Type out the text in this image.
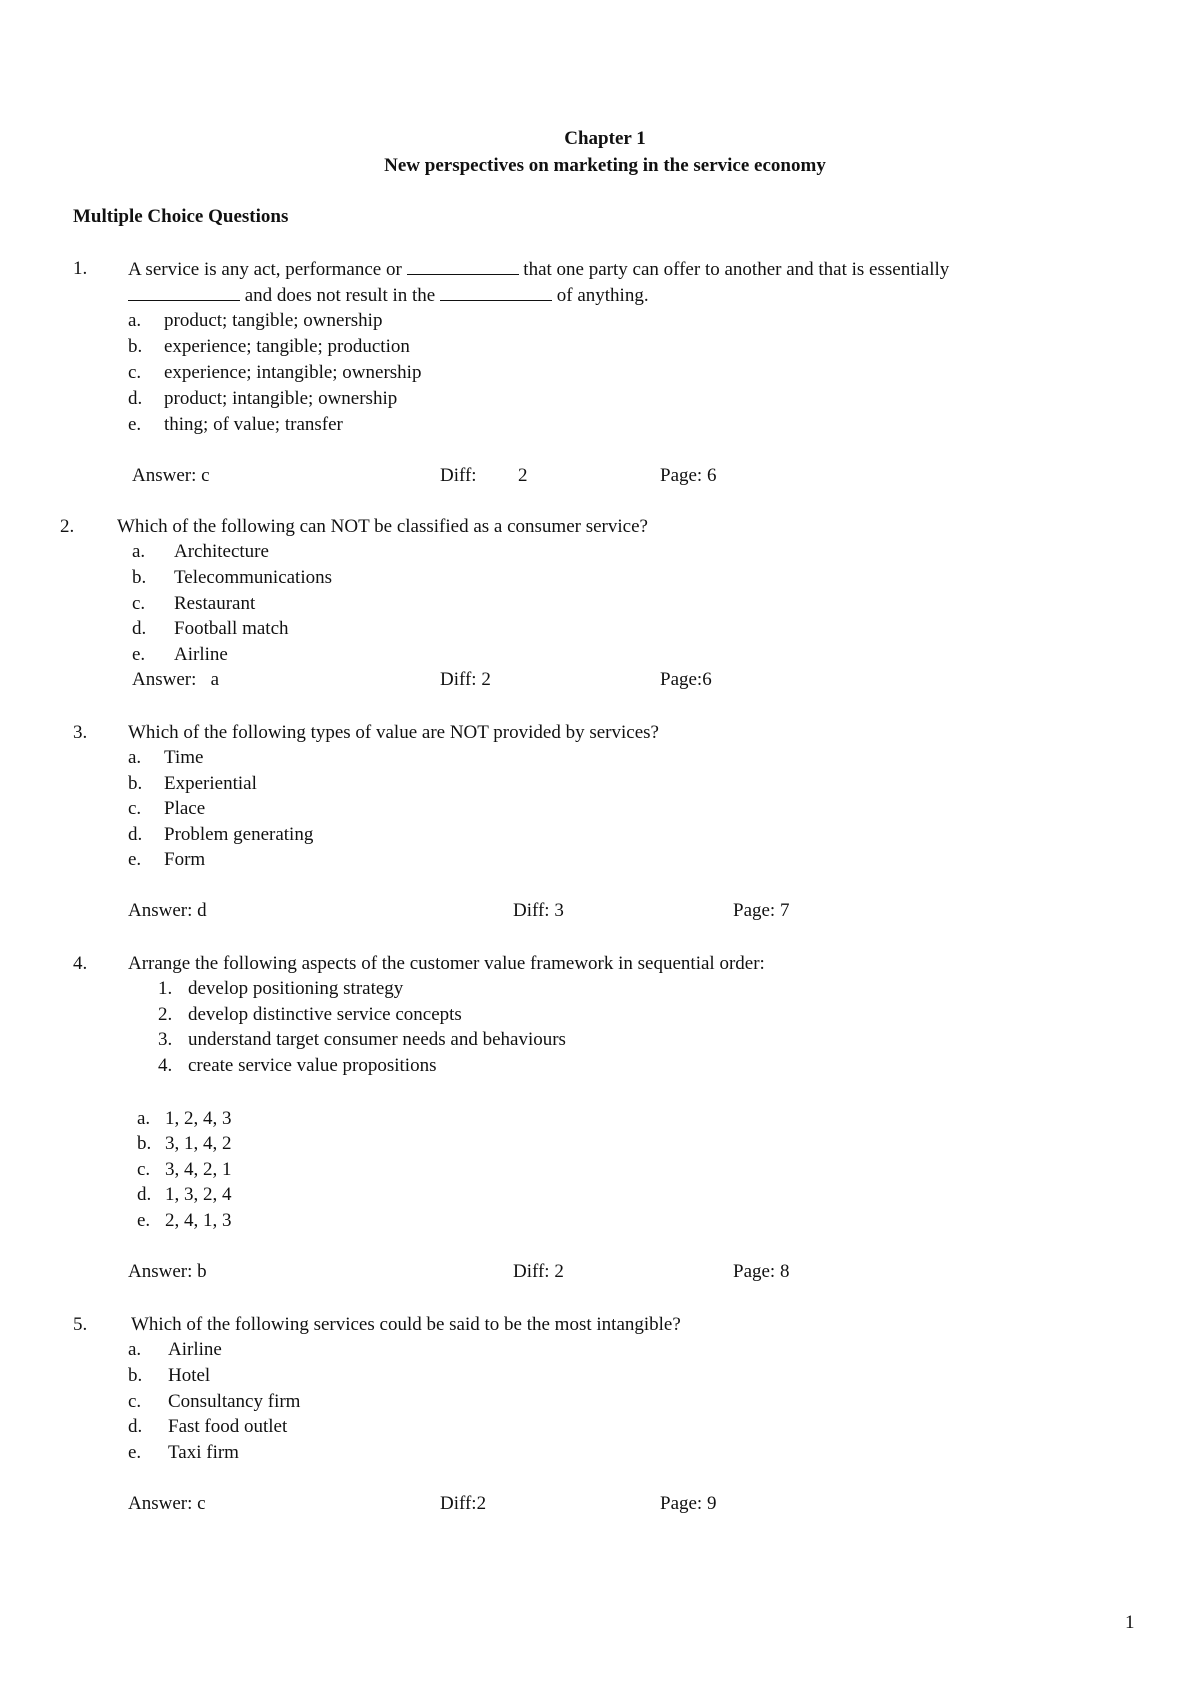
Chapter 1
New perspectives on marketing in the service economy
Multiple Choice Questions
1. A service is any act, performance or	that one party can offer to another and that is essentially
and does not result in the	of anything.
a. product; tangible; ownership
b. experience; tangible; production
c. experience; intangible; ownership
d. product; intangible; ownership
e. thing; of value; transfer
Answer: c	Diff: 2	Page: 6
2. Which of the following can NOT be classified as a consumer service?
a. Architecture
b. Telecommunications
c. Restaurant
d. Football match
e. Airline
Answer: a	Diff: 2	Page:6
3. Which of the following types of value are NOT provided by services?
a. Time
b. Experiential
c. Place
d. Problem generating
e. Form
Answer: d	Diff: 3	Page: 7
4. Arrange the following aspects of the customer value framework in sequential order:
1. develop positioning strategy
2. develop distinctive service concepts
3. understand target consumer needs and behaviours
4. create service value propositions
a. 1, 2, 4, 3
b. 3, 1, 4, 2
c. 3, 4, 2, 1
d. 1, 3, 2, 4
e. 2, 4, 1, 3
Answer: b	Diff: 2	Page: 8
5. Which of the following services could be said to be the most intangible?
a. Airline
b. Hotel
c. Consultancy firm
d. Fast food outlet
e. Taxi firm
Answer: c	Diff:2	Page: 9
1
